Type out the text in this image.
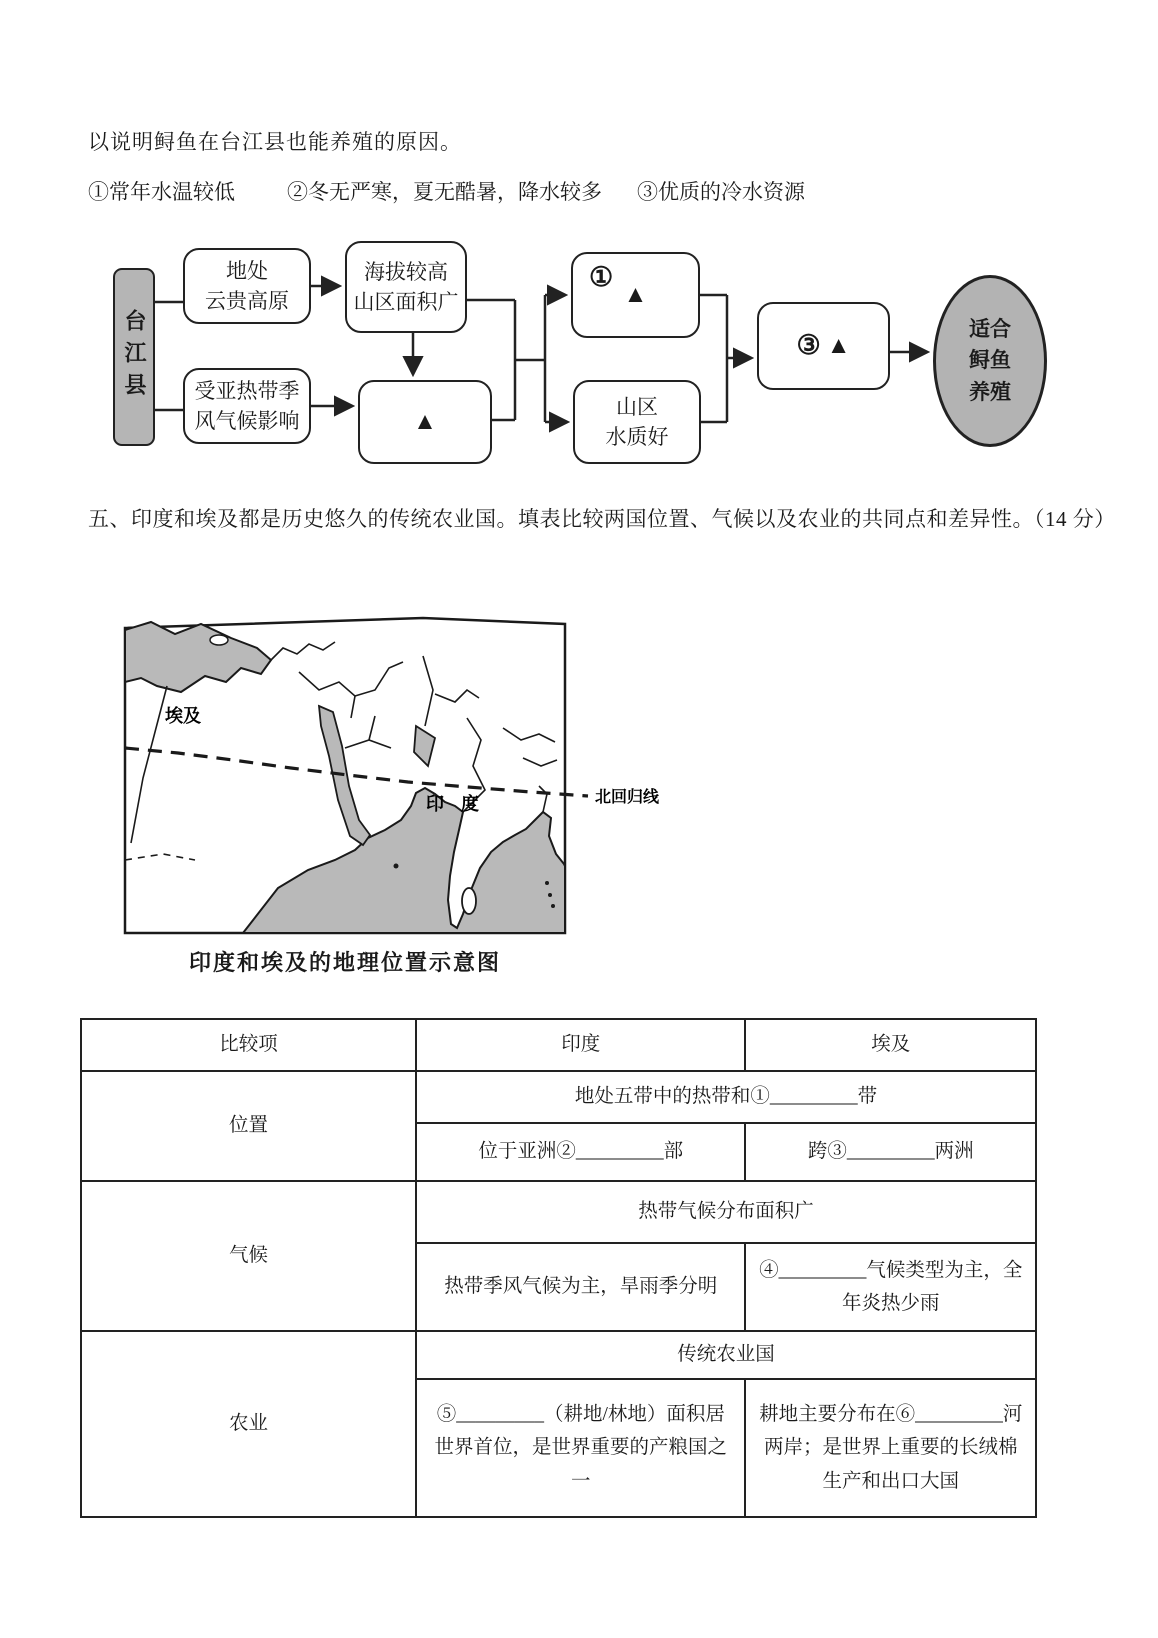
以说明鲟鱼在台江县也能养殖的原因。
①常年水温较低 ②冬无严寒，夏无酷暑，降水较多 ③优质的冷水资源
台江县
地处
云贵高原
海拔较高
山区面积广
受亚热带季
风气候影响	▲
①
▲
山区
水质好
③ ▲
适合
鲟鱼
养殖
五、印度和埃及都是历史悠久的传统农业国。填表比较两国位置、气候以及农业的共同点和差异性。（14 分）
埃及
印 度	北回归线
印度和埃及的地理位置示意图
比较项	印度	埃及
位置	地处五带中的热带和①_________带	
	位于亚洲②_________部	跨③_________两洲
气候	热带气候分布面积广	
	热带季风气候为主，旱雨季分明	④_________气候类型为主，全年炎热少雨
农业	传统农业国	
	⑤_________（耕地/林地）面积居世界首位，是世界重要的产粮国之一	耕地主要分布在⑥_________河两岸；是世界上重要的长绒棉生产和出口大国
